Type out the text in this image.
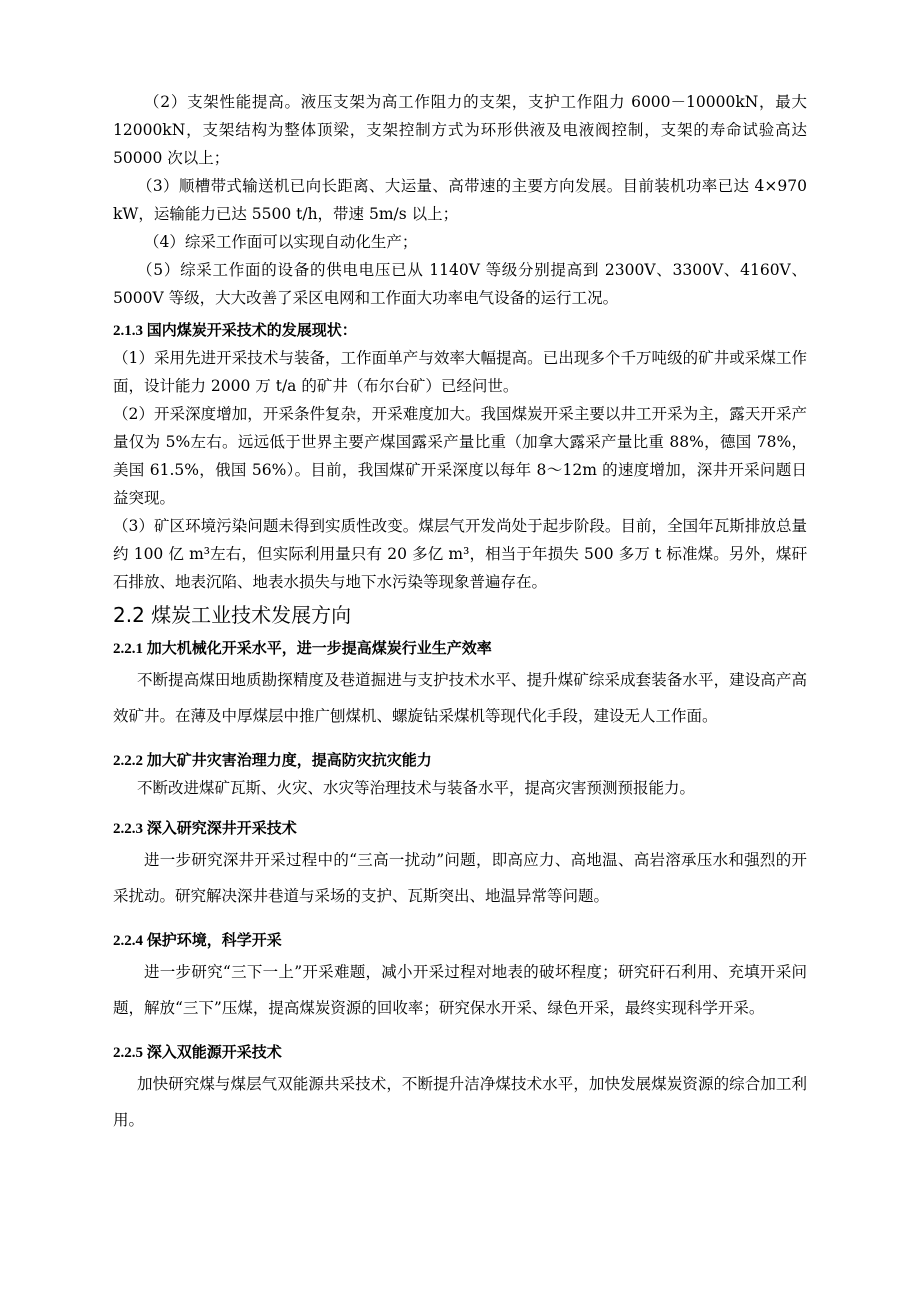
（2）支架性能提高。液压支架为高工作阻力的支架，支护工作阻力 6000－10000kN，最大 12000kN，支架结构为整体顶梁，支架控制方式为环形供液及电液阀控制，支架的寿命试验高达 50000 次以上；
（3）顺槽带式输送机已向长距离、大运量、高带速的主要方向发展。目前装机功率已达 4×970 kW，运输能力已达 5500 t/h，带速 5m/s 以上；
（4）综采工作面可以实现自动化生产；
（5）综采工作面的设备的供电电压已从 1140V 等级分别提高到 2300V、3300V、4160V、5000V 等级，大大改善了采区电网和工作面大功率电气设备的运行工况。
2.1.3 国内煤炭开采技术的发展现状：
（1）采用先进开采技术与装备，工作面单产与效率大幅提高。已出现多个千万吨级的矿井或采煤工作面，设计能力 2000 万 t/a 的矿井（布尔台矿）已经问世。
（2）开采深度增加，开采条件复杂，开采难度加大。我国煤炭开采主要以井工开采为主，露天开采产量仅为 5%左右。远远低于世界主要产煤国露采产量比重（加拿大露采产量比重 88%，德国 78%，美国 61.5%，俄国 56%）。目前，我国煤矿开采深度以每年 8～12m 的速度增加，深井开采问题日益突现。
（3）矿区环境污染问题未得到实质性改变。煤层气开发尚处于起步阶段。目前，全国年瓦斯排放总量约 100 亿 m³左右，但实际利用量只有 20 多亿 m³，相当于年损失 500 多万 t 标准煤。另外，煤矸石排放、地表沉陷、地表水损失与地下水污染等现象普遍存在。
2.2 煤炭工业技术发展方向
2.2.1 加大机械化开采水平，进一步提高煤炭行业生产效率
不断提高煤田地质勘探精度及巷道掘进与支护技术水平、提升煤矿综采成套装备水平，建设高产高效矿井。在薄及中厚煤层中推广刨煤机、螺旋钻采煤机等现代化手段，建设无人工作面。
2.2.2 加大矿井灾害治理力度，提高防灾抗灾能力
不断改进煤矿瓦斯、火灾、水灾等治理技术与装备水平，提高灾害预测预报能力。
2.2.3 深入研究深井开采技术
进一步研究深井开采过程中的“三高一扰动”问题，即高应力、高地温、高岩溶承压水和强烈的开采扰动。研究解决深井巷道与采场的支护、瓦斯突出、地温异常等问题。
2.2.4 保护环境，科学开采
进一步研究“三下一上”开采难题，减小开采过程对地表的破坏程度；研究矸石利用、充填开采问题，解放“三下”压煤，提高煤炭资源的回收率；研究保水开采、绿色开采，最终实现科学开采。
2.2.5 深入双能源开采技术
加快研究煤与煤层气双能源共采技术，不断提升洁净煤技术水平，加快发展煤炭资源的综合加工利用。
